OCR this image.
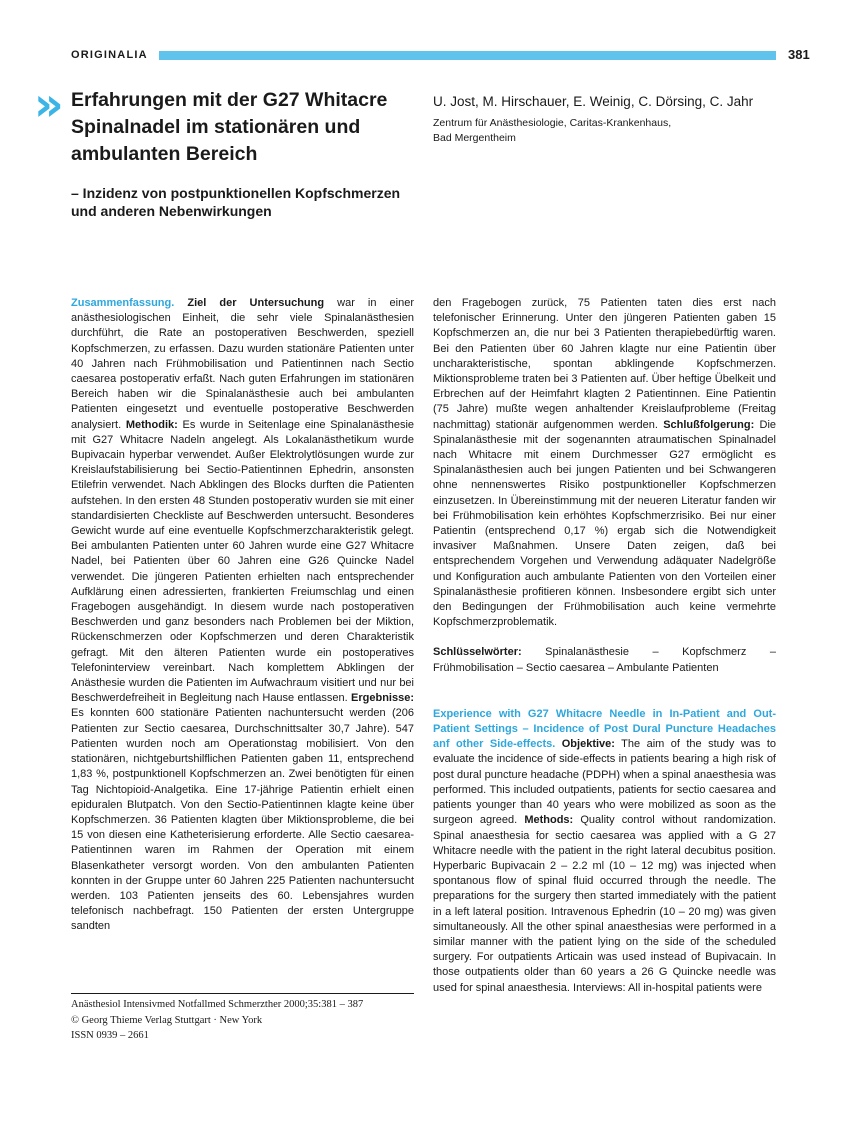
ORIGINALIA	381
» Erfahrungen mit der G27 Whitacre Spinalnadel im stationären und ambulanten Bereich
– Inzidenz von postpunktionellen Kopfschmerzen und anderen Nebenwirkungen
U. Jost, M. Hirschauer, E. Weinig, C. Dörsing, C. Jahr
Zentrum für Anästhesiologie, Caritas-Krankenhaus,
Bad Mergentheim

Zusammenfassung. Ziel der Untersuchung war in einer anästhesiologischen Einheit, die sehr viele Spinalanästhesien durchführt, die Rate an postoperativen Beschwerden, speziell Kopfschmerzen, zu erfassen. Dazu wurden stationäre Patienten unter 40 Jahren nach Frühmobilisation und Patientinnen nach Sectio caesarea postoperativ erfaßt. Nach guten Erfahrungen im stationären Bereich haben wir die Spinalanästhesie auch bei ambulanten Patienten eingesetzt und eventuelle postoperative Beschwerden analysiert. Methodik: Es wurde in Seitenlage eine Spinalanästhesie mit G27 Whitacre Nadeln angelegt. Als Lokalanästhetikum wurde Bupivacain hyperbar verwendet. Außer Elektrolytlösungen wurde zur Kreislaufstabilisierung bei Sectio-Patientinnen Ephedrin, ansonsten Etilefrin verwendet. Nach Abklingen des Blocks durften die Patienten aufstehen. In den ersten 48 Stunden postoperativ wurden sie mit einer standardisierten Checkliste auf Beschwerden untersucht. Besonderes Gewicht wurde auf eine eventuelle Kopfschmerzcharakteristik gelegt. Bei ambulanten Patienten unter 60 Jahren wurde eine G27 Whitacre Nadel, bei Patienten über 60 Jahren eine G26 Quincke Nadel verwendet. Die jüngeren Patienten erhielten nach entsprechender Aufklärung einen adressierten, frankierten Freiumschlag und einen Fragebogen ausgehändigt. In diesem wurde nach postoperativen Beschwerden und ganz besonders nach Problemen bei der Miktion, Rückenschmerzen oder Kopfschmerzen und deren Charakteristik gefragt. Mit den älteren Patienten wurde ein postoperatives Telefoninterview vereinbart. Nach komplettem Abklingen der Anästhesie wurden die Patienten im Aufwachraum visitiert und nur bei Beschwerdefreiheit in Begleitung nach Hause entlassen. Ergebnisse: Es konnten 600 stationäre Patienten nachuntersucht werden (206 Patienten zur Sectio caesarea, Durchschnittsalter 30,7 Jahre). 547 Patienten wurden noch am Operationstag mobilisiert. Von den stationären, nichtgeburtshilflichen Patienten gaben 11, entsprechend 1,83 %, postpunktionell Kopfschmerzen an. Zwei benötigten für einen Tag Nichtopioid-Analgetika. Eine 17-jährige Patientin erhielt einen epiduralen Blutpatch. Von den Sectio-Patientinnen klagte keine über Kopfschmerzen. 36 Patienten klagten über Miktionsprobleme, die bei 15 von diesen eine Katheterisierung erforderte. Alle Sectio caesarea-Patientinnen waren im Rahmen der Operation mit einem Blasenkatheter versorgt worden. Von den ambulanten Patienten konnten in der Gruppe unter 60 Jahren 225 Patienten nachuntersucht werden. 103 Patienten jenseits des 60. Lebensjahres wurden telefonisch nachbefragt. 150 Patienten der ersten Untergruppe sandten

den Fragebogen zurück, 75 Patienten taten dies erst nach telefonischer Erinnerung. Unter den jüngeren Patienten gaben 15 Kopfschmerzen an, die nur bei 3 Patienten therapiebedürftig waren. Bei den Patienten über 60 Jahren klagte nur eine Patientin über uncharakteristische, spontan abklingende Kopfschmerzen. Miktionsprobleme traten bei 3 Patienten auf. Über heftige Übelkeit und Erbrechen auf der Heimfahrt klagten 2 Patientinnen. Eine Patientin (75 Jahre) mußte wegen anhaltender Kreislaufprobleme (Freitag nachmittag) stationär aufgenommen werden. Schlußfolgerung: Die Spinalanästhesie mit der sogenannten atraumatischen Spinalnadel nach Whitacre mit einem Durchmesser G27 ermöglicht es Spinalanästhesien auch bei jungen Patienten und bei Schwangeren ohne nennenswertes Risiko postpunktioneller Kopfschmerzen einzusetzen. In Übereinstimmung mit der neueren Literatur fanden wir bei Frühmobilisation kein erhöhtes Kopfschmerzrisiko. Bei nur einer Patientin (entsprechend 0,17 %) ergab sich die Notwendigkeit invasiver Maßnahmen. Unsere Daten zeigen, daß bei entsprechendem Vorgehen und Verwendung adäquater Nadelgröße und Konfiguration auch ambulante Patienten von den Vorteilen einer Spinalanästhesie profitieren können. Insbesondere ergibt sich unter den Bedingungen der Frühmobilisation auch keine vermehrte Kopfschmerzproblematik.

Schlüsselwörter: Spinalanästhesie – Kopfschmerz – Frühmobilisation – Sectio caesarea – Ambulante Patienten

Experience with G27 Whitacre Needle in In-Patient and Out-Patient Settings – Incidence of Post Dural Puncture Headaches anf other Side-effects. Objektive: The aim of the study was to evaluate the incidence of side-effects in patients bearing a high risk of post dural puncture headache (PDPH) when a spinal anaesthesia was performed. This included outpatients, patients for sectio caesarea and patients younger than 40 years who were mobilized as soon as the surgeon agreed. Methods: Quality control without randomization. Spinal anaesthesia for sectio caesarea was applied with a G 27 Whitacre needle with the patient in the right lateral decubitus position. Hyperbaric Bupivacain 2 – 2.2 ml (10 – 12 mg) was injected when spontanous flow of spinal fluid occurred through the needle. The preparations for the surgery then started immediately with the patient in a left lateral position. Intravenous Ephedrin (10 – 20 mg) was given simultaneously. All the other spinal anaesthesias were performed in a similar manner with the patient lying on the side of the scheduled surgery. For outpatients Articain was used instead of Bupivacain. In those outpatients older than 60 years a 26 G Quincke needle was used for spinal anaesthesia. Interviews: All in-hospital patients were

Anästhesiol Intensivmed Notfallmed Schmerzther 2000;35:381 – 387
© Georg Thieme Verlag Stuttgart · New York
ISSN 0939 – 2661
